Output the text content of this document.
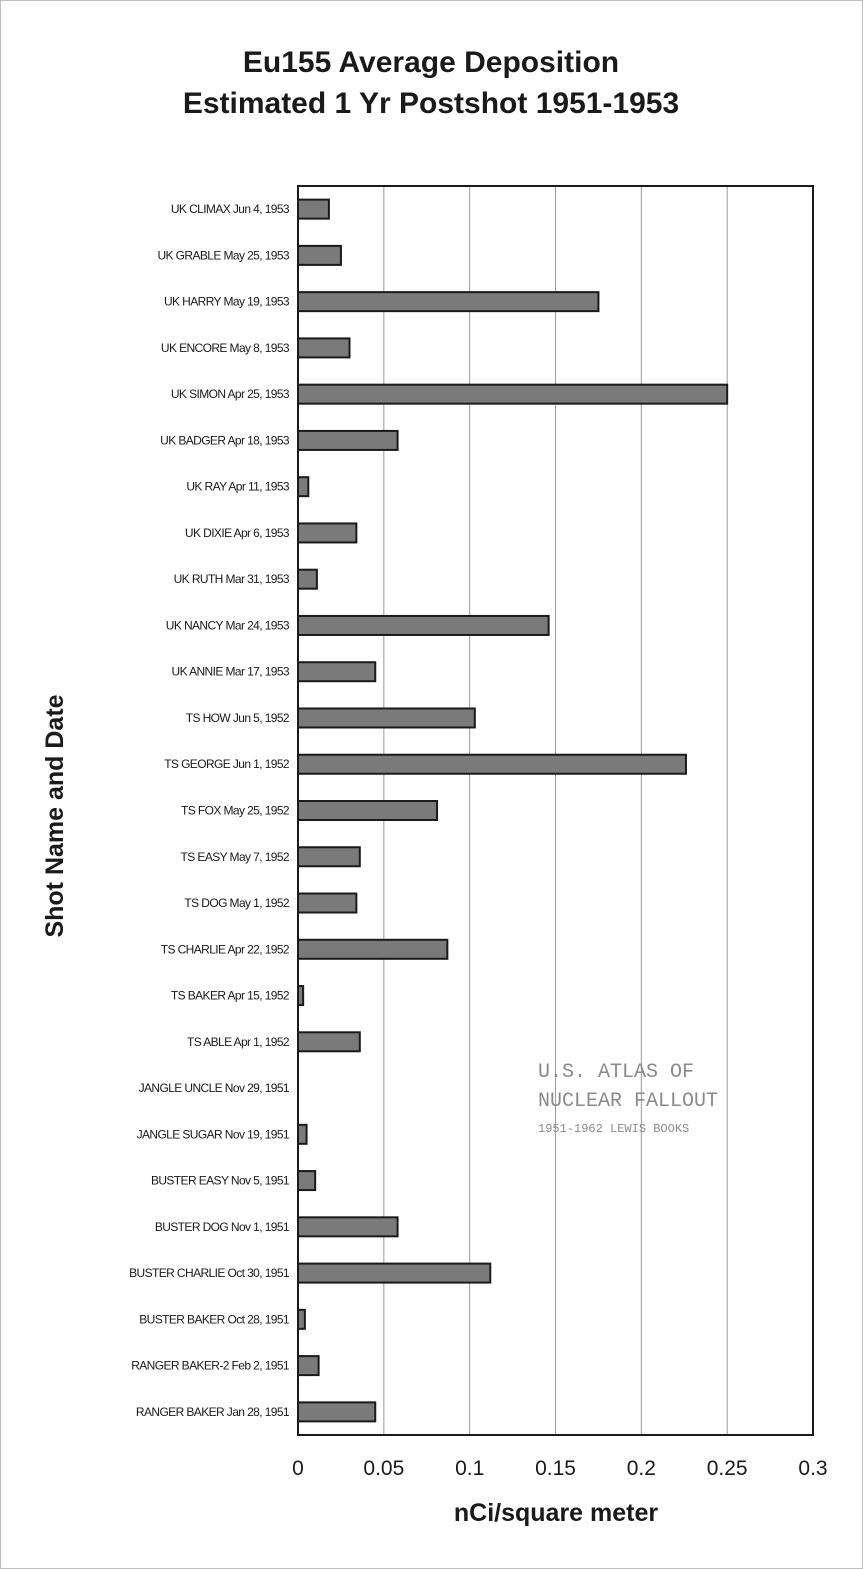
Eu155 Average Deposition
Estimated 1 Yr Postshot 1951-1953
UK CLIMAX Jun 4, 1953
UK GRABLE May 25, 1953
UK HARRY May 19, 1953
UK ENCORE May 8, 1953
UK SIMON Apr 25, 1953
UK BADGER Apr 18, 1953
UK RAY Apr 11, 1953
UK DIXIE Apr 6, 1953
UK RUTH Mar 31, 1953
UK NANCY Mar 24, 1953
UK ANNIE Mar 17, 1953
TS HOW Jun 5, 1952
TS GEORGE Jun 1, 1952
TS FOX May 25, 1952
TS EASY May 7, 1952
TS DOG May 1, 1952
TS CHARLIE Apr 22, 1952
TS BAKER Apr 15, 1952
TS ABLE Apr 1, 1952
JANGLE UNCLE Nov 29, 1951
JANGLE SUGAR Nov 19, 1951
BUSTER EASY Nov 5, 1951
BUSTER DOG Nov 1, 1951
BUSTER CHARLIE Oct 30, 1951
BUSTER BAKER Oct 28, 1951
RANGER BAKER-2 Feb 2, 1951
RANGER BAKER Jan 28, 1951
0	0.05 0.1 0.15 0.2 0.25 0.3
Shot Name and Date
nCi/square meter
U.S. ATLAS OF
NUCLEAR FALLOUT
1951-1962 LEWIS BOOKS
